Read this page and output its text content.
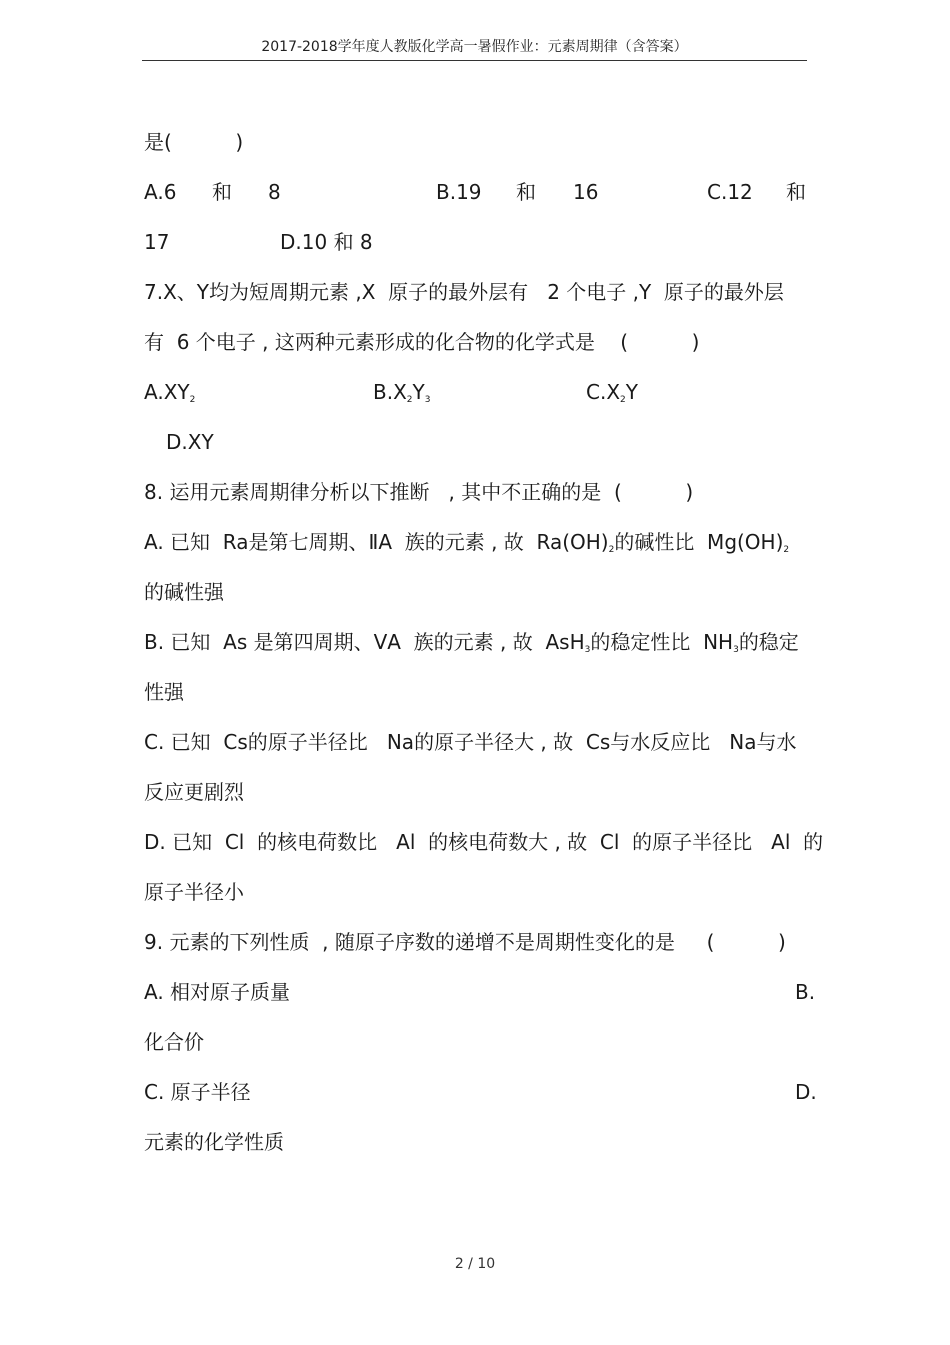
2017-2018学年度人教版化学高一暑假作业：元素周期律（含答案）
是(          )
A.6 和 8	B.19 和 16	C.12 和
17	D.10 和 8
7.X、Y均为短周期元素 ,X  原子的最外层有   2 个电子 ,Y  原子的最外层
有  6 个电子 , 这两种元素形成的化合物的化学式是    (          )
$A.XY_2$	$B.X_2Y_3$	$C.X_2Y$
D.XY
8. 运用元素周期律分析以下推断   , 其中不正确的是  (          )
A. 已知  Ra是第七周期、ⅡA  族的元素 , 故  $Ra(OH)_2$的碱性比  $Mg(OH)_2$
的碱性强
B. 已知  As 是第四周期、ⅤA  族的元素 , 故  AsH$_3$的稳定性比  $NH_3$的稳定
性强
C. 已知  Cs的原子半径比   Na的原子半径大 , 故  Cs与水反应比   Na与水
反应更剧烈
D. 已知  Cl  的核电荷数比   Al  的核电荷数大 , 故  Cl  的原子半径比   Al  的
原子半径小
9. 元素的下列性质  , 随原子序数的递增不是周期性变化的是     (          )
A. 相对原子质量	B.
化合价
C. 原子半径	D.
元素的化学性质
2 / 10
